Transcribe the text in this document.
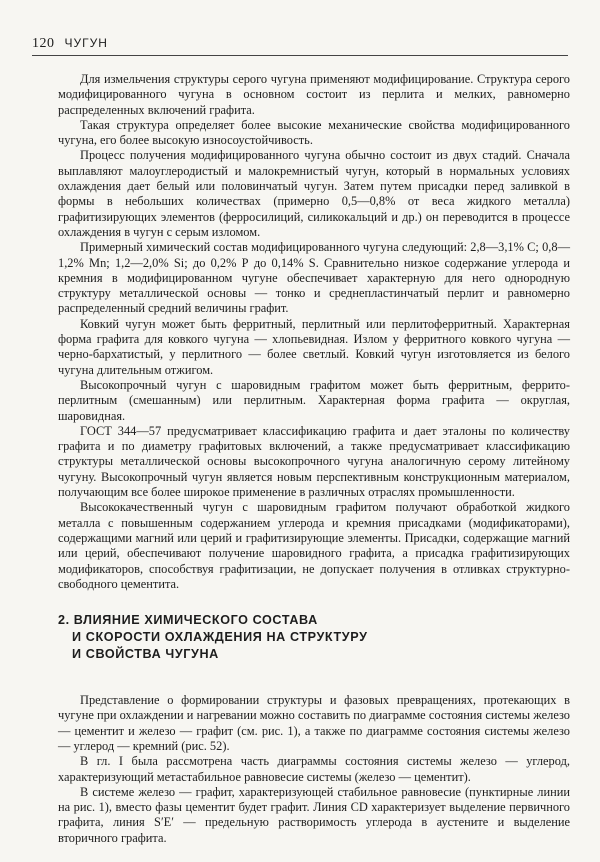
120 ЧУГУН

Для измельчения структуры серого чугуна применяют модифицирование. Структура серого модифицированного чугуна в основном состоит из перлита и мелких, равномерно распределенных включений графита.

Такая структура определяет более высокие механические свойства модифицированного чугуна, его более высокую износоустойчивость.

Процесс получения модифицированного чугуна обычно состоит из двух стадий. Сначала выплавляют малоуглеродистый и малокремнистый чугун, который в нормальных условиях охлаждения дает белый или половинчатый чугун. Затем путем присадки перед заливкой в формы в небольших количествах (примерно 0,5—0,8% от веса жидкого металла) графитизирующих элементов (ферросилиций, силикокальций и др.) он переводится в процессе охлаждения в чугун с серым изломом.

Примерный химический состав модифицированного чугуна следующий: 2,8—3,1% С; 0,8—1,2% Mn; 1,2—2,0% Si; до 0,2% Р до 0,14% S. Сравнительно низкое содержание углерода и кремния в модифицированном чугуне обеспечивает характерную для него однородную структуру металлической основы — тонко и среднепластинчатый перлит и равномерно распределенный средний величины графит.

Ковкий чугун может быть ферритный, перлитный или перлитоферритный. Характерная форма графита для ковкого чугуна — хлопьевидная. Излом у ферритного ковкого чугуна — черно-бархатистый, у перлитного — более светлый. Ковкий чугун изготовляется из белого чугуна длительным отжигом.

Высокопрочный чугун с шаровидным графитом может быть ферритным, феррито-перлитным (смешанным) или перлитным. Характерная форма графита — округлая, шаровидная.

ГОСТ 344—57 предусматривает классификацию графита и дает эталоны по количеству графита и по диаметру графитовых включений, а также предусматривает классификацию структуры металлической основы высокопрочного чугуна аналогичную серому литейному чугуну. Высокопрочный чугун является новым перспективным конструкционным материалом, получающим все более широкое применение в различных отраслях промышленности.

Высококачественный чугун с шаровидным графитом получают обработкой жидкого металла с повышенным содержанием углерода и кремния присадками (модификаторами), содержащими магний или церий и графитизирующие элементы. Присадки, содержащие магний или церий, обеспечивают получение шаровидного графита, а присадка графитизирующих модификаторов, способствуя графитизации, не допускает получения в отливках структурно-свободного цементита.

2. ВЛИЯНИЕ ХИМИЧЕСКОГО СОСТАВА
И СКОРОСТИ ОХЛАЖДЕНИЯ НА СТРУКТУРУ
И СВОЙСТВА ЧУГУНА

Представление о формировании структуры и фазовых превращениях, протекающих в чугуне при охлаждении и нагревании можно составить по диаграмме состояния системы железо — цементит и железо — графит (см. рис. 1), а также по диаграмме состояния системы железо — углерод — кремний (рис. 52).

В гл. I была рассмотрена часть диаграммы состояния системы железо — углерод, характеризующий метастабильное равновесие системы (железо — цементит).

В системе железо — графит, характеризующей стабильное равновесие (пунктирные линии на рис. 1), вместо фазы цементит будет графит. Линия CD характеризует выделение первичного графита, линия S′E′ — предельную растворимость углерода в аустените и выделение вторичного графита.
